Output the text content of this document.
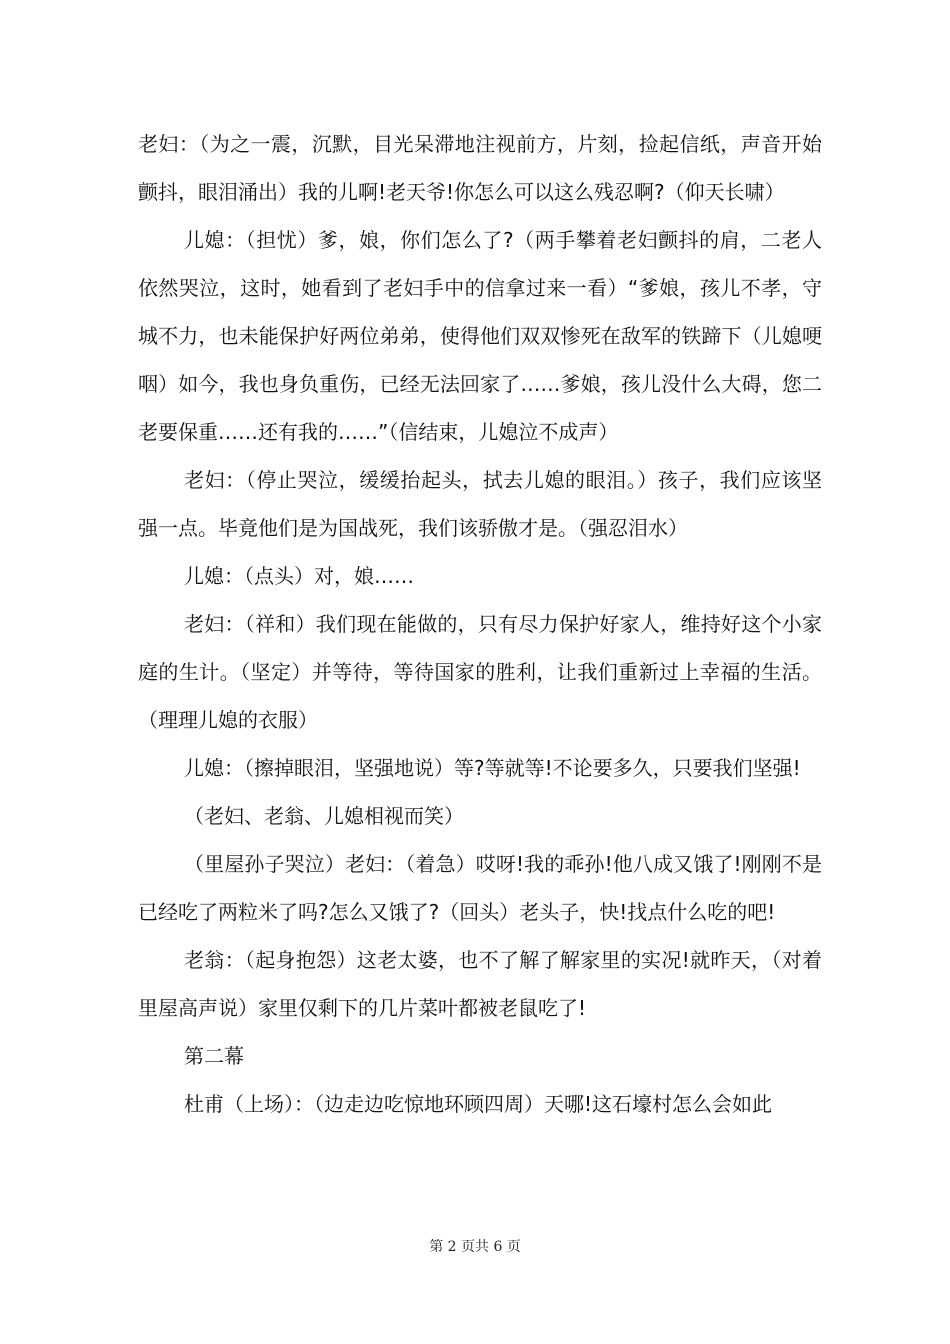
老妇：（为之一震，沉默，目光呆滞地注视前方，片刻，捡起信纸，声音开始颤抖，眼泪涌出）我的儿啊!老天爷!你怎么可以这么残忍啊?（仰天长啸）

儿媳：（担忧）爹，娘，你们怎么了?（两手攀着老妇颤抖的肩，二老人依然哭泣，这时，她看到了老妇手中的信拿过来一看）“爹娘，孩儿不孝，守城不力，也未能保护好两位弟弟，使得他们双双惨死在敌军的铁蹄下（儿媳哽咽）如今，我也身负重伤，已经无法回家了……爹娘，孩儿没什么大碍，您二老要保重……还有我的……”（信结束，儿媳泣不成声）

老妇：（停止哭泣，缓缓抬起头，拭去儿媳的眼泪。）孩子，我们应该坚强一点。毕竟他们是为国战死，我们该骄傲才是。（强忍泪水）

儿媳：（点头）对，娘……

老妇：（祥和）我们现在能做的，只有尽力保护好家人，维持好这个小家庭的生计。（坚定）并等待，等待国家的胜利，让我们重新过上幸福的生活。（理理儿媳的衣服）

儿媳：（擦掉眼泪，坚强地说）等?等就等!不论要多久，只要我们坚强!

（老妇、老翁、儿媳相视而笑）

（里屋孙子哭泣）老妇：（着急）哎呀!我的乖孙!他八成又饿了!刚刚不是已经吃了两粒米了吗?怎么又饿了?（回头）老头子，快!找点什么吃的吧!

老翁：（起身抱怨）这老太婆，也不了解了解家里的实况!就昨天，（对着里屋高声说）家里仅剩下的几片菜叶都被老鼠吃了!

第二幕

杜甫（上场）：（边走边吃惊地环顾四周）天哪!这石壕村怎么会如此

第 2 页共 6 页
